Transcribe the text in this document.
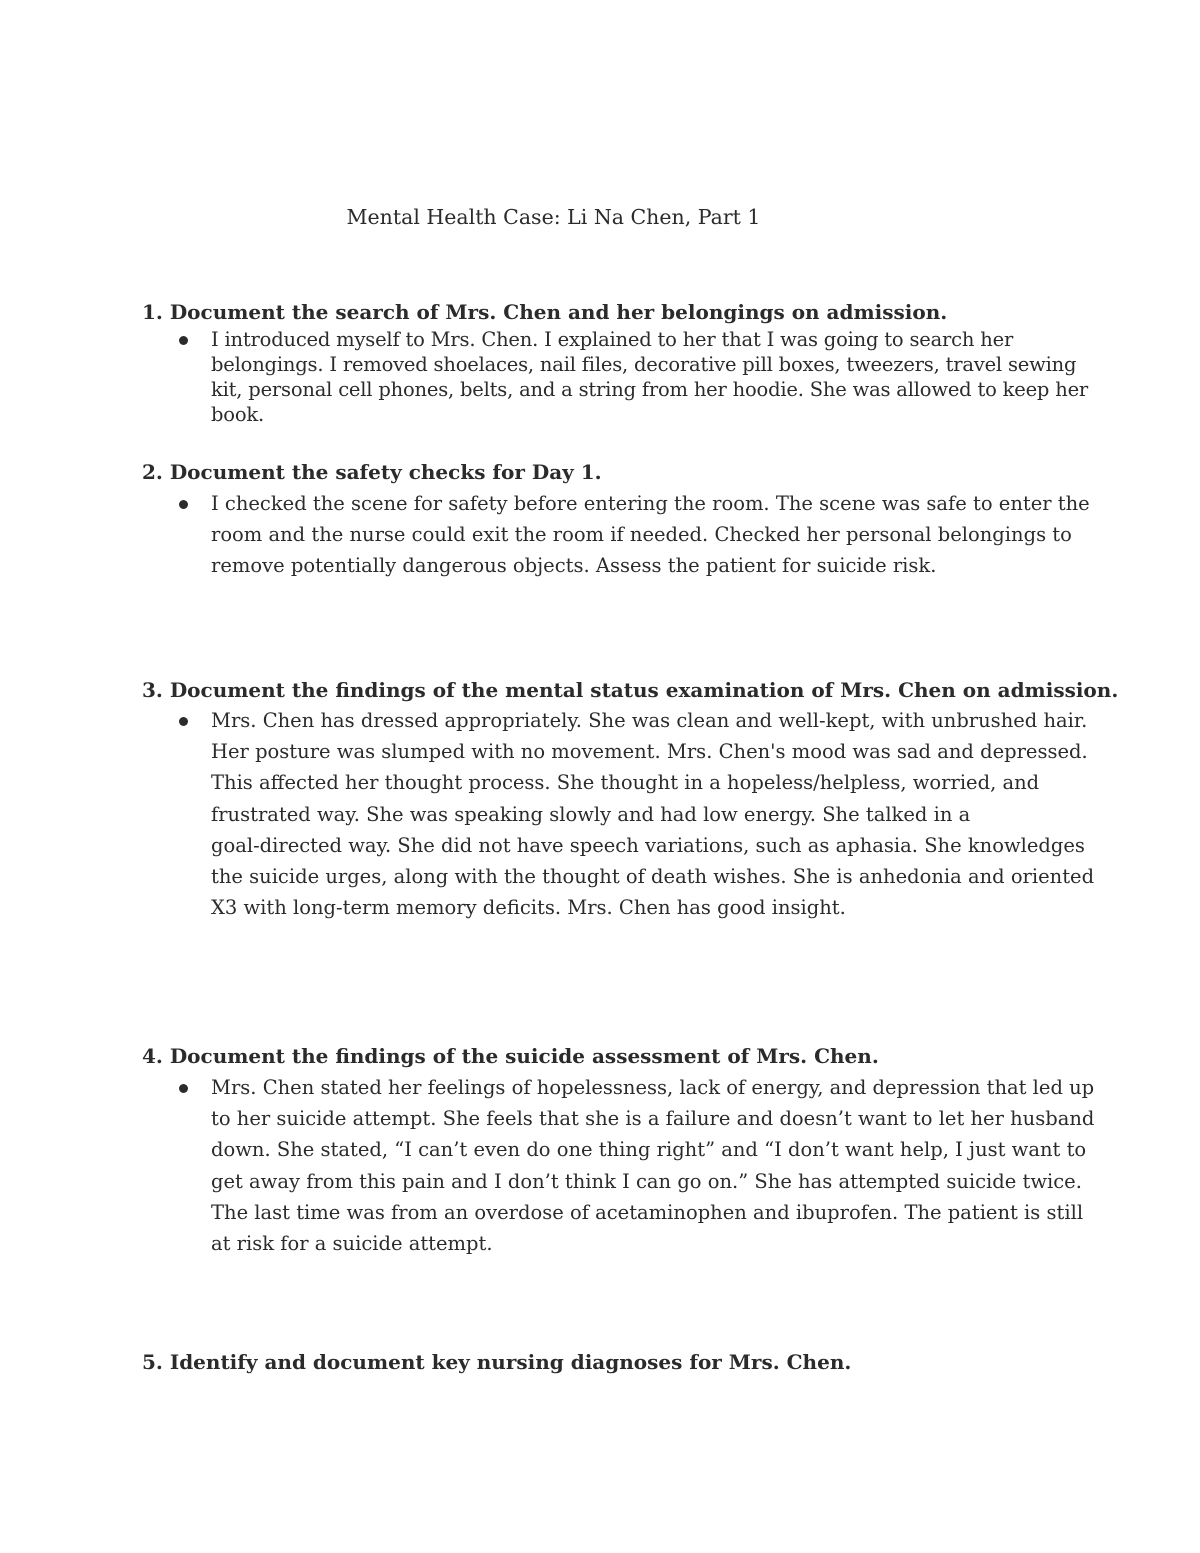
Mental Health Case: Li Na Chen, Part 1
1. Document the search of Mrs. Chen and her belongings on admission.
I introduced myself to Mrs. Chen. I explained to her that I was going to search her
belongings. I removed shoelaces, nail files, decorative pill boxes, tweezers, travel sewing
kit, personal cell phones, belts, and a string from her hoodie. She was allowed to keep her
book.
2. Document the safety checks for Day 1.
I checked the scene for safety before entering the room. The scene was safe to enter the
room and the nurse could exit the room if needed. Checked her personal belongings to
remove potentially dangerous objects. Assess the patient for suicide risk.
3. Document the findings of the mental status examination of Mrs. Chen on admission.
Mrs. Chen has dressed appropriately. She was clean and well-kept, with unbrushed hair.
Her posture was slumped with no movement. Mrs. Chen's mood was sad and depressed.
This affected her thought process. She thought in a hopeless/helpless, worried, and
frustrated way. She was speaking slowly and had low energy. She talked in a
goal-directed way. She did not have speech variations, such as aphasia. She knowledges
the suicide urges, along with the thought of death wishes. She is anhedonia and oriented
X3 with long-term memory deficits. Mrs. Chen has good insight.
4. Document the findings of the suicide assessment of Mrs. Chen.
Mrs. Chen stated her feelings of hopelessness, lack of energy, and depression that led up
to her suicide attempt. She feels that she is a failure and doesn’t want to let her husband
down. She stated, “I can’t even do one thing right” and “I don’t want help, I just want to
get away from this pain and I don’t think I can go on.” She has attempted suicide twice.
The last time was from an overdose of acetaminophen and ibuprofen. The patient is still
at risk for a suicide attempt.
5. Identify and document key nursing diagnoses for Mrs. Chen.
